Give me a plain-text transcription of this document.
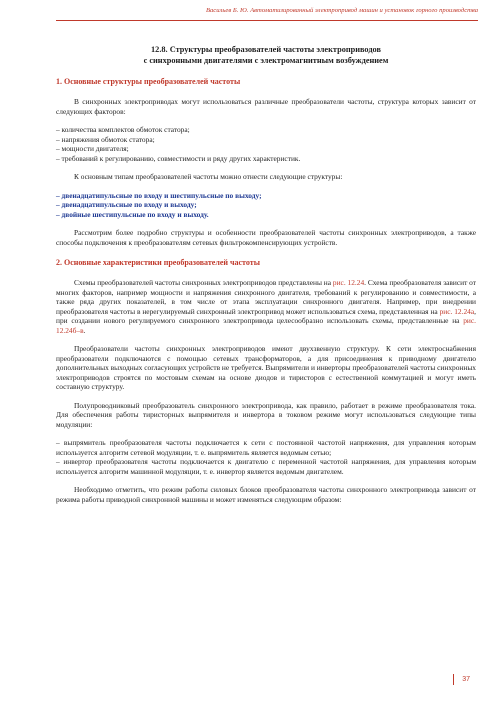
Васильев Б. Ю. Автоматизированный электропривод машин и установок горного производства
12.8. Структуры преобразователей частоты электроприводов
с синхронными двигателями с электромагнитным возбуждением
1. Основные структуры преобразователей частоты

В синхронных электроприводах могут использоваться различные преобразователи частоты, структура которых зависит от следующих факторов:

– количества комплектов обмоток статора;
– напряжения обмоток статора;
– мощности двигателя;
– требований к регулированию, совместимости и ряду других характеристик.

К основным типам преобразователей частоты можно отнести следующие структуры:

– двенадцатипульсные по входу и шестипульсные по выходу;
– двенадцатипульсные по входу и выходу;
– двойные шестипульсные по входу и выходу.

Рассмотрим более подробно структуры и особенности преобразователей частоты синхронных электроприводов, а также способы подключения к преобразователям сетевых фильтрокомпенсирующих устройств.

2. Основные характеристики преобразователей частоты

Схемы преобразователей частоты синхронных электроприводов представлены на рис. 12.24. Схема преобразователя зависит от многих факторов, например мощности и напряжения синхронного двигателя, требований к регулированию и совместимости, а также ряда других показателей, в том числе от этапа эксплуатации синхронного двигателя. Например, при внедрении преобразователя частоты в нерегулируемый синхронный электропривод может использоваться схема, представленная на рис. 12.24а, при создании нового регулируемого синхронного электропривода целесообразно использовать схемы, представленные на рис. 12.24б–в.

Преобразователи частоты синхронных электроприводов имеют двухзвенную структуру. К сети электроснабжения преобразователи подключаются с помощью сетевых трансформаторов, а для присоединения к приводному двигателю дополнительных выходных согласующих устройств не требуется. Выпрямители и инверторы преобразователей частоты синхронных электроприводов строятся по мостовым схемам на основе диодов и тиристоров с естественной коммутацией и могут иметь составную структуру.

Полупроводниковый преобразователь синхронного электропривода, как правило, работает в режиме преобразователя тока. Для обеспечения работы тиристорных выпрямителя и инвертора в токовом режиме могут использоваться следующие типы модуляции:

– выпрямитель преобразователя частоты подключается к сети с постоянной частотой напряжения, для управления которым используется алгоритм сетевой модуляции, т. е. выпрямитель является ведомым сетью;
– инвертор преобразователя частоты подключается к двигателю с переменной частотой напряжения, для управления которым используется алгоритм машинной модуляции, т. е. инвертор является ведомым двигателем.

Необходимо отметить, что режим работы силовых блоков преобразователя частоты синхронного электропривода зависит от режима работы приводной синхронной машины и может изменяться следующим образом:

37
